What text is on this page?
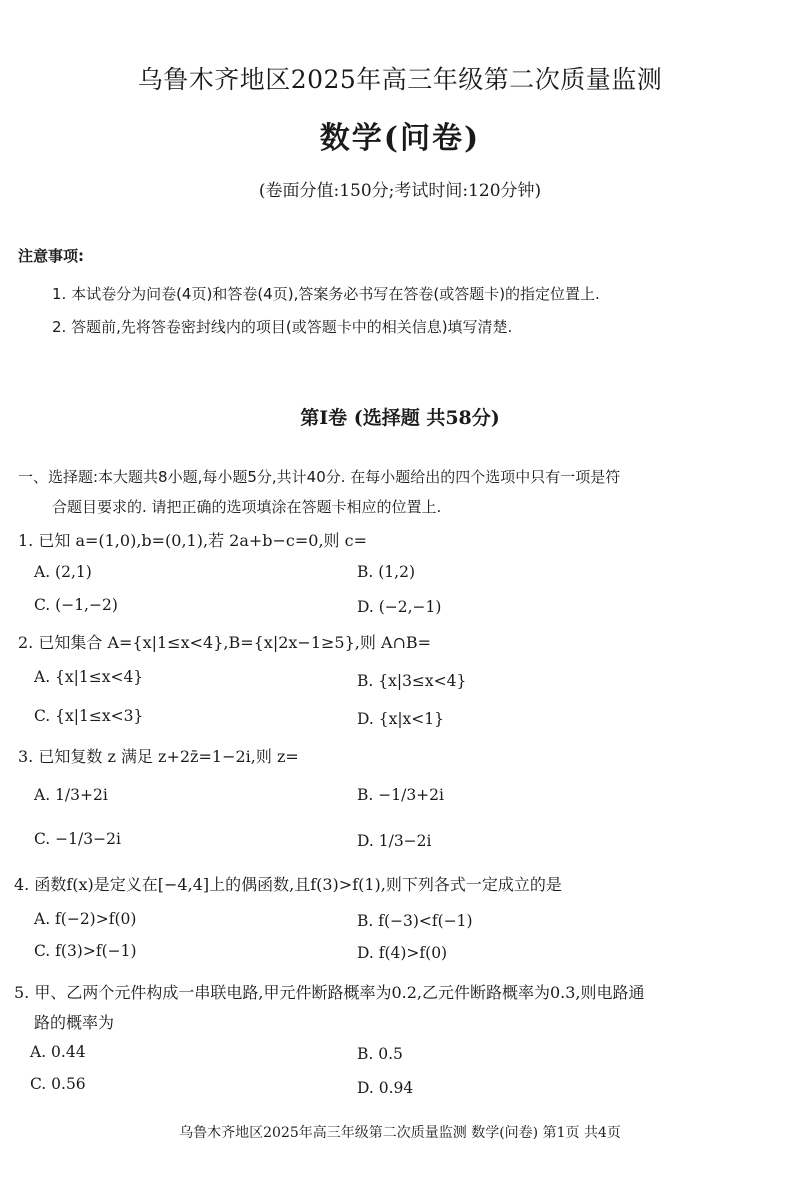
乌鲁木齐地区2025年高三年级第二次质量监测
数学(问卷)
(卷面分值:150分;考试时间:120分钟)
注意事项:
1. 本试卷分为问卷(4页)和答卷(4页),答案务必书写在答卷(或答题卡)的指定位置上.
2. 答题前,先将答卷密封线内的项目(或答题卡中的相关信息)填写清楚.
第Ⅰ卷 (选择题 共58分)
一、选择题:本大题共8小题,每小题5分,共计40分. 在每小题给出的四个选项中只有一项是符
合题目要求的. 请把正确的选项填涂在答题卡相应的位置上.
1. 已知 a=(1,0),b=(0,1),若 2a+b−c=0,则 c=
A. (2,1)	B. (1,2)
C. (−1,−2)	D. (−2,−1)
2. 已知集合 A={x|1≤x<4},B={x|2x−1≥5},则 A∩B=
A. {x|1≤x<4}	B. {x|3≤x<4}
C. {x|1≤x<3}	D. {x|x<1}
3. 已知复数 z 满足 z+2z̄=1−2i,则 z=
A. 1/3+2i	B. −1/3+2i
C. −1/3−2i	D. 1/3−2i
4. 函数f(x)是定义在[−4,4]上的偶函数,且f(3)>f(1),则下列各式一定成立的是
A. f(−2)>f(0)	B. f(−3)<f(−1)
C. f(3)>f(−1)	D. f(4)>f(0)
5. 甲、乙两个元件构成一串联电路,甲元件断路概率为0.2,乙元件断路概率为0.3,则电路通
路的概率为
A. 0.44	B. 0.5
C. 0.56	D. 0.94
乌鲁木齐地区2025年高三年级第二次质量监测 数学(问卷) 第1页 共4页
